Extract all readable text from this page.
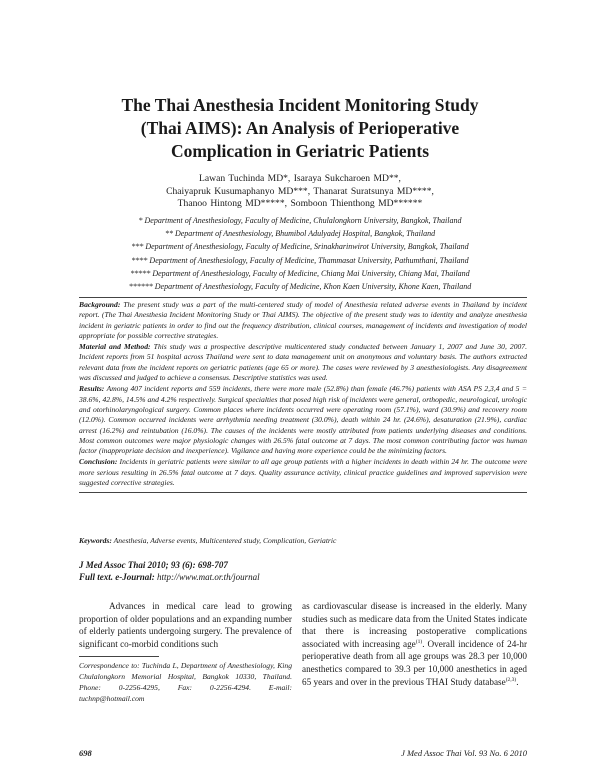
The Thai Anesthesia Incident Monitoring Study
(Thai AIMS): An Analysis of Perioperative
Complication in Geriatric Patients
Lawan Tuchinda MD*, Isaraya Sukcharoen MD**,
Chaiyapruk Kusumaphanyo MD***, Thanarat Suratsunya MD****,
Thanoo Hintong MD*****, Somboon Thienthong MD******
* Department of Anesthesiology, Faculty of Medicine, Chulalongkorn University, Bangkok, Thailand
** Department of Anesthesiology, Bhumibol Adulyadej Hospital, Bangkok, Thailand
*** Department of Anesthesiology, Faculty of Medicine, Srinakharinwirot University, Bangkok, Thailand
**** Department of Anesthesiology, Faculty of Medicine, Thammasat University, Pathumthani, Thailand
***** Department of Anesthesiology, Faculty of Medicine, Chiang Mai University, Chiang Mai, Thailand
****** Department of Anesthesiology, Faculty of Medicine, Khon Kaen University, Khone Kaen, Thailand

Background: The present study was a part of the multi-centered study of model of Anesthesia related adverse events in Thailand by incident report. (The Thai Anesthesia Incident Monitoring Study or Thai AIMS). The objective of the present study was to identity and analyze anesthesia incident in geriatric patients in order to find out the frequency distribution, clinical courses, management of incidents and investigation of model appropriate for possible corrective strategies.

Material and Method: This study was a prospective descriptive multicentered study conducted between January 1, 2007 and June 30, 2007. Incident reports from 51 hospital across Thailand were sent to data management unit on anonymous and voluntary basis. The authors extracted relevant data from the incident reports on geriatric patients (age 65 or more). The cases were reviewed by 3 anesthesiologists. Any disagreement was discussed and judged to achieve a consensus. Descriptive statistics was used.

Results: Among 407 incident reports and 559 incidents, there were more male (52.8%) than female (46.7%) patients with ASA PS 2,3,4 and 5 = 38.6%, 42.8%, 14.5% and 4.2% respectively. Surgical specialties that posed high risk of incidents were general, orthopedic, neurological, urologic and otorhinolaryngological surgery. Common places where incidents occurred were operating room (57.1%), ward (30.9%) and recovery room (12.0%). Common occurred incidents were arrhythmia needing treatment (30.0%), death within 24 hr. (24.6%), desaturation (21.9%), cardiac arrest (16.2%) and reintubation (16.0%). The causes of the incidents were mostly attributed from patients underlying diseases and conditions. Most common outcomes were major physiologic changes with 26.5% fatal outcome at 7 days. The most common contributing factor was human factor (inappropriate decision and inexperience). Vigilance and having more experience could be the minimizing factors.

Conclusion: Incidents in geriatric patients were similar to all age group patients with a higher incidents in death within 24 hr. The outcome were more serious resulting in 26.5% fatal outcome at 7 days. Quality assurance activity, clinical practice guidelines and improved supervision were suggested corrective strategies.

Keywords: Anesthesia, Adverse events, Multicentered study, Complication, Geriatric
J Med Assoc Thai 2010; 93 (6): 698-707
Full text. e-Journal: http://www.mat.or.th/journal

Advances in medical care lead to growing proportion of older populations and an expanding number of elderly patients undergoing surgery. The prevalence of significant co-morbid conditions such

Correspondence to: Tuchinda L, Department of Anesthesiology, King Chulalongkorn Memorial Hospital, Bangkok 10330, Thailand. Phone: 0-2256-4295, Fax: 0-2256-4294. E-mail: tuchnp@hotmail.com

as cardiovascular disease is increased in the elderly. Many studies such as medicare data from the United States indicate that there is increasing postoperative complications associated with increasing age$^{(1)}$. Overall incidence of 24-hr perioperative death from all age groups was 28.3 per 10,000 anesthetics compared to 39.3 per 10,000 anesthetics in aged 65 years and over in the previous THAI Study database$^{(2,3)}$.

698	J Med Assoc Thai Vol. 93 No. 6 2010
